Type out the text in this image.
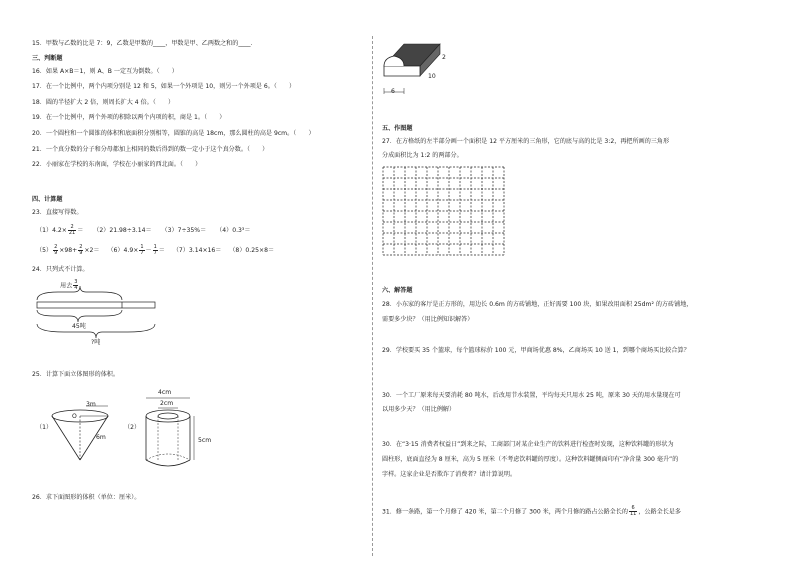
15．甲数与乙数的比是 7：9，乙数是甲数的____，甲数是甲、乙两数之和的____．
三、判断题
16．如果 A×B＝1，则 A、B 一定互为倒数。（　　）
17．在一个比例中，两个内项分别是 12 和 5，如果一个外项是 10，则另一个外项是 6。（　　）
18．圆的半径扩大 2 倍，则周长扩大 4 倍。（　　）
19．在一个比例中，两个外项的积除以两个内项的积，商是 1。（　　）
20．一个圆柱和一个圆锥的体积和底面积分别相等，圆锥的高是 18cm，那么圆柱的高是 9cm。（　　）
21．一个真分数的分子和分母都加上相同的数后得到的数一定小于这个真分数。（　　）
22．小丽家在学校的东南面，学校在小丽家的西北面。（　　）
四、计算题
23．直接写得数。
$(1)4.2\times \frac{2}{21} = (2)21.98\div 3.14= (3)7\div 35\%= (4)0.3^3=$
$(5) \frac{2}{9} \times 98+ \frac{2}{9} \times 2= (6)4.9\times \frac{1}{7} - \frac{1}{7} = (7)3.14\times 16= (8)0.25\times 8=$
24．只列式不计算。
用去 $\frac{3}{4}$
45吨
?吨
25．计算下面立体图形的体积。
（1）
3m
O
6m
（2）
4cm
2cm
5cm
26．求下面图形的体积（单位：厘米）。
2
10
6
五、作图题
27．在方格纸的左半部分画一个面积是 12 平方厘米的三角形，它的底与高的比是 3:2，再把所画的三角形
分成面积比为 1:2 的两部分。
六、解答题
28．小东家的客厅是正方形的，用边长 0.6m 的方砖铺地，正好需要 100 块，如果改用面积 25dm² 的方砖铺地，
需要多少块？（用比例知识解答）
29．学校要买 35 个篮球，每个篮球标价 100 元，甲商场优惠 8%，乙商场买 10 送 1，到哪个商场买比较合算？
30．一个工厂原来每天要消耗 80 吨水，后改用节水装置，平均每天只用水 25 吨，原来 30 天的用水量现在可
以用多少天？（用比例解）
30．在“3·15 消费者权益日”到来之际，工商部门对某企业生产的饮料进行检查时发现，这种饮料罐的形状为
圆柱形，底面直径为 8 厘米，高为 5 厘米（不考虑饮料罐的厚度）。这种饮料罐侧面印有“净含量 300 毫升”的
字样。这家企业是否欺诈了消费者？请计算说明。
31．修一条路，第一个月修了 420 米，第二个月修了 300 米，两个月修的路占公路全长的 $\frac{6}{11}$ ，公路全长是多
